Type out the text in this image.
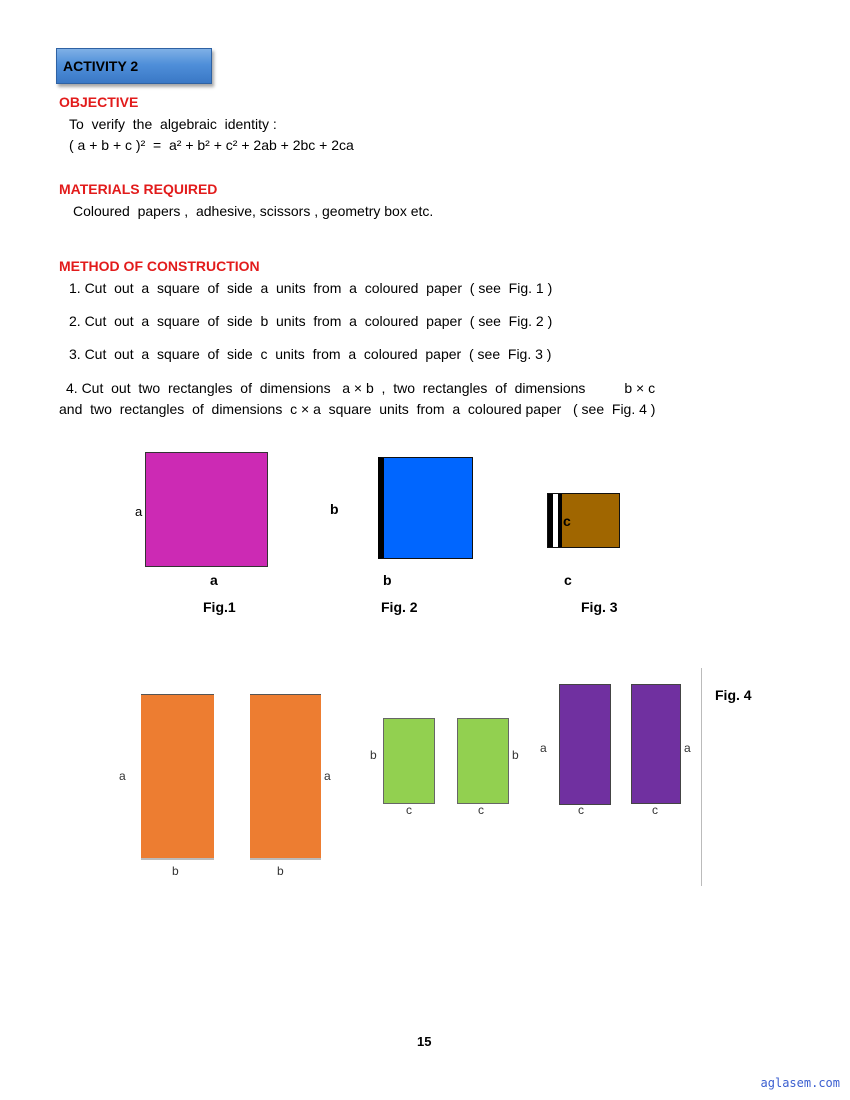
ACTIVITY 2
OBJECTIVE
To  verify  the  algebraic  identity :
( a + b + c )²  =  a² + b² + c² + 2ab + 2bc + 2ca
MATERIALS REQUIRED
Coloured  papers ,  adhesive, scissors , geometry box etc.
METHOD OF CONSTRUCTION
1. Cut  out  a  square  of  side  a  units  from  a  coloured  paper  ( see  Fig. 1 )
2. Cut  out  a  square  of  side  b  units  from  a  coloured  paper  ( see  Fig. 2 )
3. Cut  out  a  square  of  side  c  units  from  a  coloured  paper  ( see  Fig. 3 )
4. Cut  out  two  rectangles  of  dimensions   a × b  ,  two  rectangles  of  dimensions          b × c
and  two  rectangles  of  dimensions  c × a  square  units  from  a  coloured paper   ( see  Fig. 4 )
a
a
Fig.1
b
b
Fig. 2
c
c
Fig. 3
a	a
b	b
b	b
c	c
a	a
c	c
Fig. 4
15
aglasem.com
